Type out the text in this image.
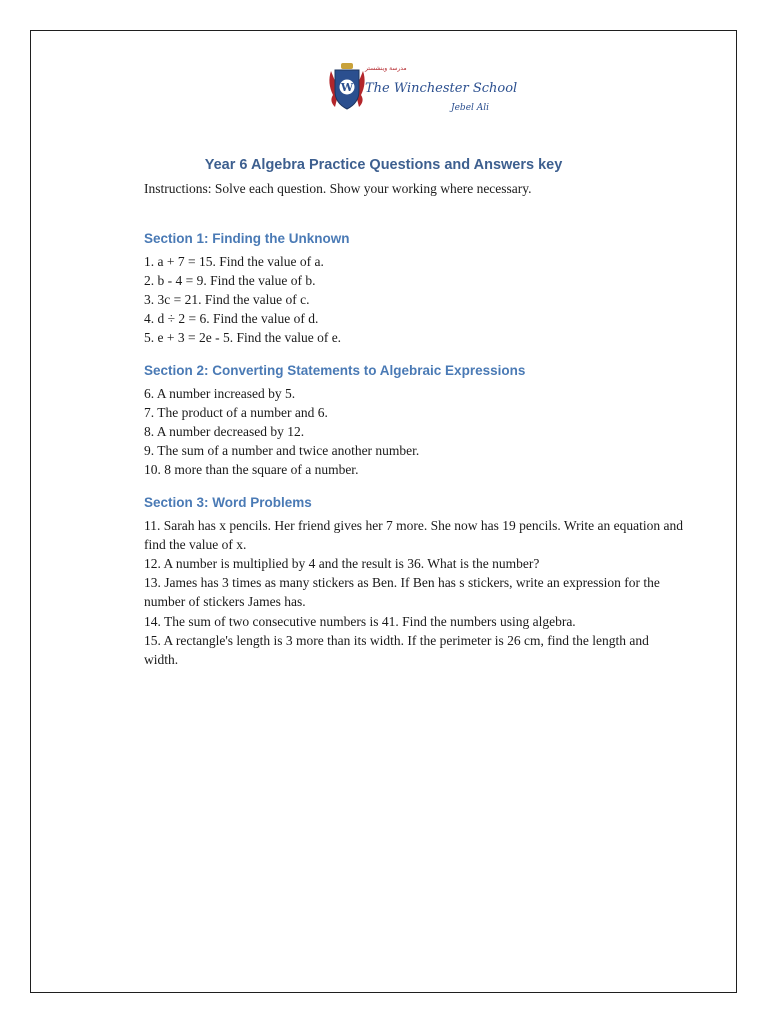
W
مدرسة وينشستر
The Winchester School
Jebel Ali
Year 6 Algebra Practice Questions and Answers key

Instructions: Solve each question. Show your working where necessary.

Section 1: Finding the Unknown
1. a + 7 = 15. Find the value of a.
2. b - 4 = 9. Find the value of b.
3. 3c = 21. Find the value of c.
4. d ÷ 2 = 6. Find the value of d.
5. e + 3 = 2e - 5. Find the value of e.
Section 2: Converting Statements to Algebraic Expressions
6. A number increased by 5.
7. The product of a number and 6.
8. A number decreased by 12.
9. The sum of a number and twice another number.
10. 8 more than the square of a number.
Section 3: Word Problems
11. Sarah has x pencils. Her friend gives her 7 more. She now has 19 pencils. Write an equation and find the value of x.
12. A number is multiplied by 4 and the result is 36. What is the number?
13. James has 3 times as many stickers as Ben. If Ben has s stickers, write an expression for the number of stickers James has.
14. The sum of two consecutive numbers is 41. Find the numbers using algebra.
15. A rectangle's length is 3 more than its width. If the perimeter is 26 cm, find the length and width.
